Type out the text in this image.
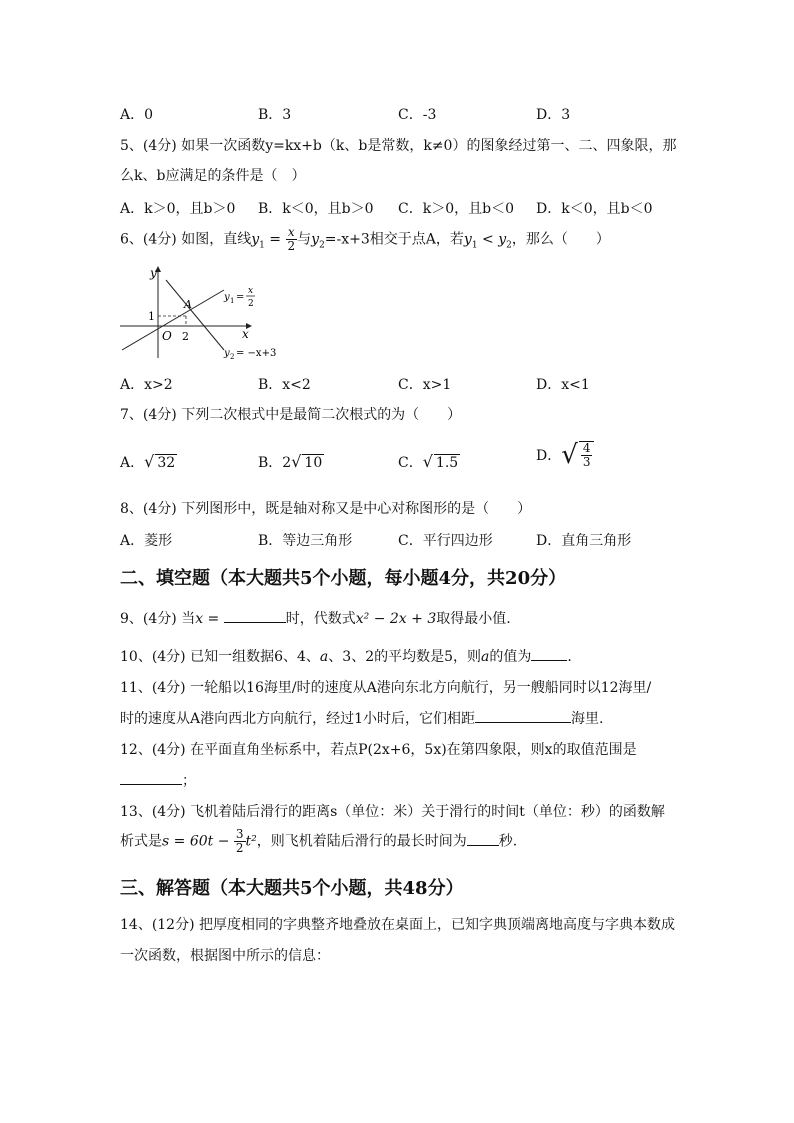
A．0	B．3	C．-3	D．3
5、(4分) 如果一次函数y=kx+b（k、b是常数，k≠0）的图象经过第一、二、四象限，那
么k、b应满足的条件是（　）
A．k＞0，且b＞0 B．k＜0，且b＞0 C．k＞0，且b＜0 D．k＜0，且b＜0
6、(4分) 如图，直线$y_1 = \frac{x}{2}$ 与$y_2=-x+3$相交于点A，若$y_1 < y_2$，那么（　　）
y
x
O
A
1
2
y 1 =
x
2
y 2 = −x+3
A．x>2	B．x<2	C．x>1	D．x<1
7、(4分) 下列二次根式中是最简二次根式的为（　　）
A．√ 32	B．2√ 10	C．√ 1.5	D．√ $\frac{4}{3}$
8、(4分) 下列图形中，既是轴对称又是中心对称图形的是（　　）
A．菱形	B．等边三角形	C．平行四边形	D．直角三角形
二、填空题（本大题共5个小题，每小题4分，共20分）
9、(4分) 当x =	时，代数式x² − 2x + 3取得最小值.
10、(4分) 已知一组数据6、4、a、3、2的平均数是5，则a的值为	.
11、(4分) 一轮船以16海里/时的速度从A港向东北方向航行，另一艘船同时以12海里/
时的速度从A港向西北方向航行，经过1小时后，它们相距	海里.
12、(4分) 在平面直角坐标系中，若点P(2x+6，5x)在第四象限，则x的取值范围是
；
13、(4分) 飞机着陆后滑行的距离s（单位：米）关于滑行的时间t（单位：秒）的函数解
析式是$s = 60t - \frac{3}{2} t^2$，则飞机着陆后滑行的最长时间为 秒.
三、解答题（本大题共5个小题，共48分）
14、(12分) 把厚度相同的字典整齐地叠放在桌面上，已知字典顶端离地高度与字典本数成
一次函数，根据图中所示的信息：
